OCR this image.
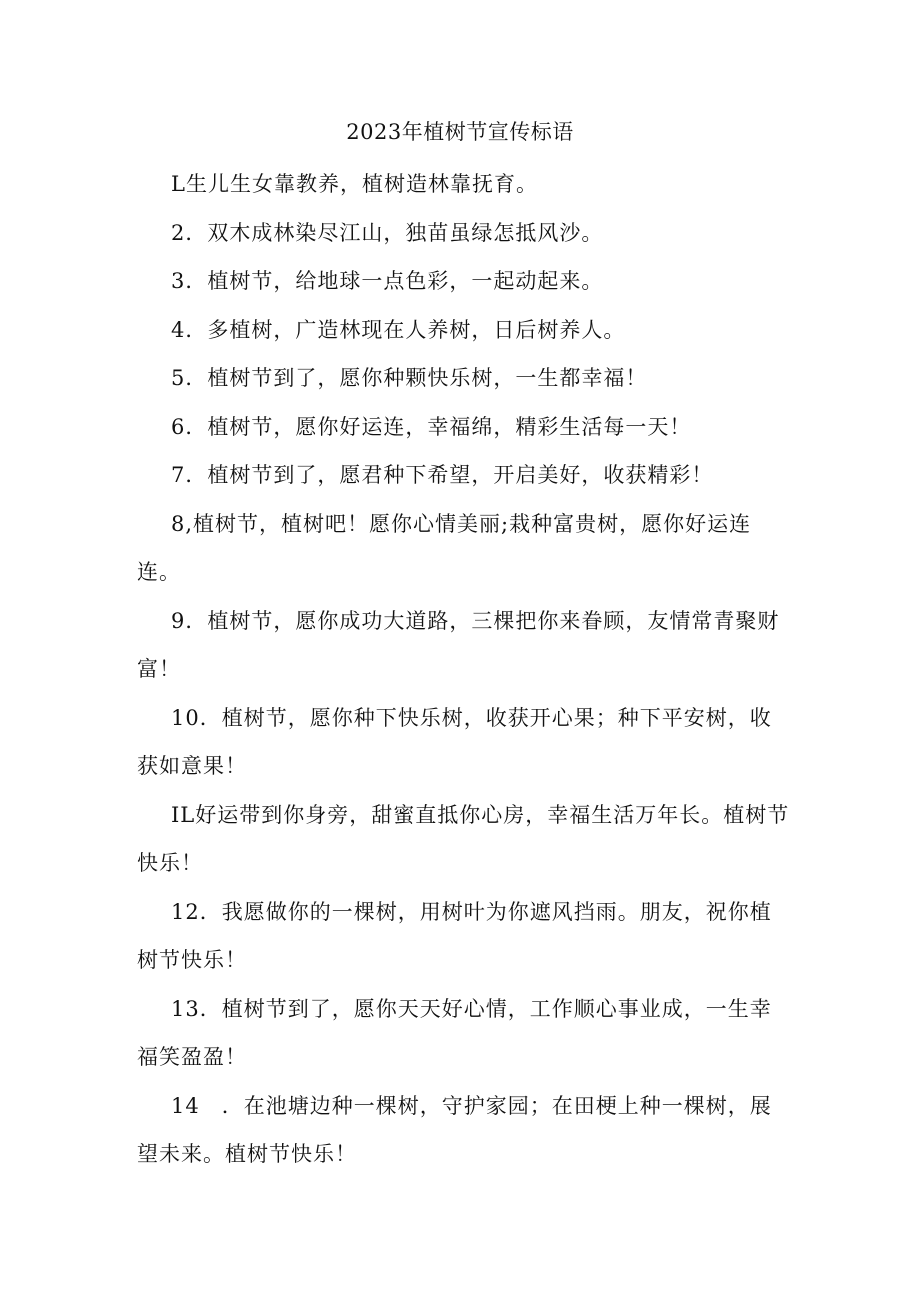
2023年植树节宣传标语

L生儿生女靠教养，植树造林靠抚育。

2．双木成林染尽江山，独苗虽绿怎抵风沙。

3．植树节，给地球一点色彩，一起动起来。

4．多植树，广造林现在人养树，日后树养人。

5．植树节到了，愿你种颗快乐树，一生都幸福！

6．植树节，愿你好运连，幸福绵，精彩生活每一天！

7．植树节到了，愿君种下希望，开启美好，收获精彩！

8,植树节，植树吧！愿你心情美丽;栽种富贵树，愿你好运连连。

9．植树节，愿你成功大道路，三棵把你来眷顾，友情常青聚财富！

10．植树节，愿你种下快乐树，收获开心果；种下平安树，收获如意果！

IL好运带到你身旁，甜蜜直抵你心房，幸福生活万年长。植树节快乐！

12．我愿做你的一棵树，用树叶为你遮风挡雨。朋友，祝你植树节快乐！

13．植树节到了，愿你天天好心情，工作顺心事业成，一生幸福笑盈盈！

14　．在池塘边种一棵树，守护家园；在田梗上种一棵树，展望未来。植树节快乐！
